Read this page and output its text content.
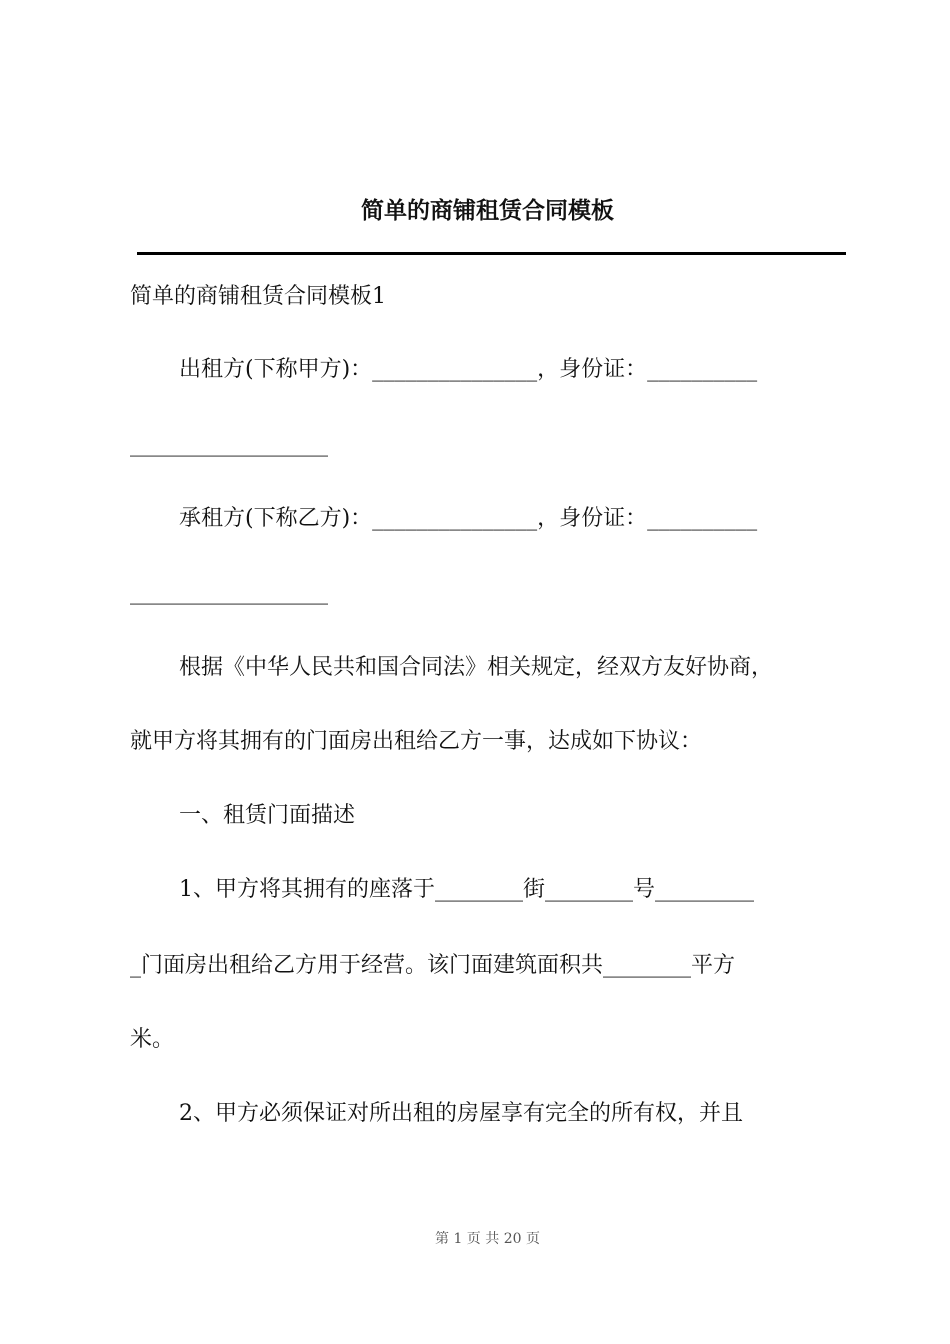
简单的商铺租赁合同模板
简单的商铺租赁合同模板1
出租方(下称甲方)：_______________，身份证：__________
__________________
承租方(下称乙方)：_______________，身份证：__________
__________________
根据《中华人民共和国合同法》相关规定，经双方友好协商，
就甲方将其拥有的门面房出租给乙方一事，达成如下协议：
一、租赁门面描述
1、甲方将其拥有的座落于________街________号_________
_门面房出租给乙方用于经营。该门面建筑面积共________平方
米。
2、甲方必须保证对所出租的房屋享有完全的所有权，并且
第 1 页 共 20 页
